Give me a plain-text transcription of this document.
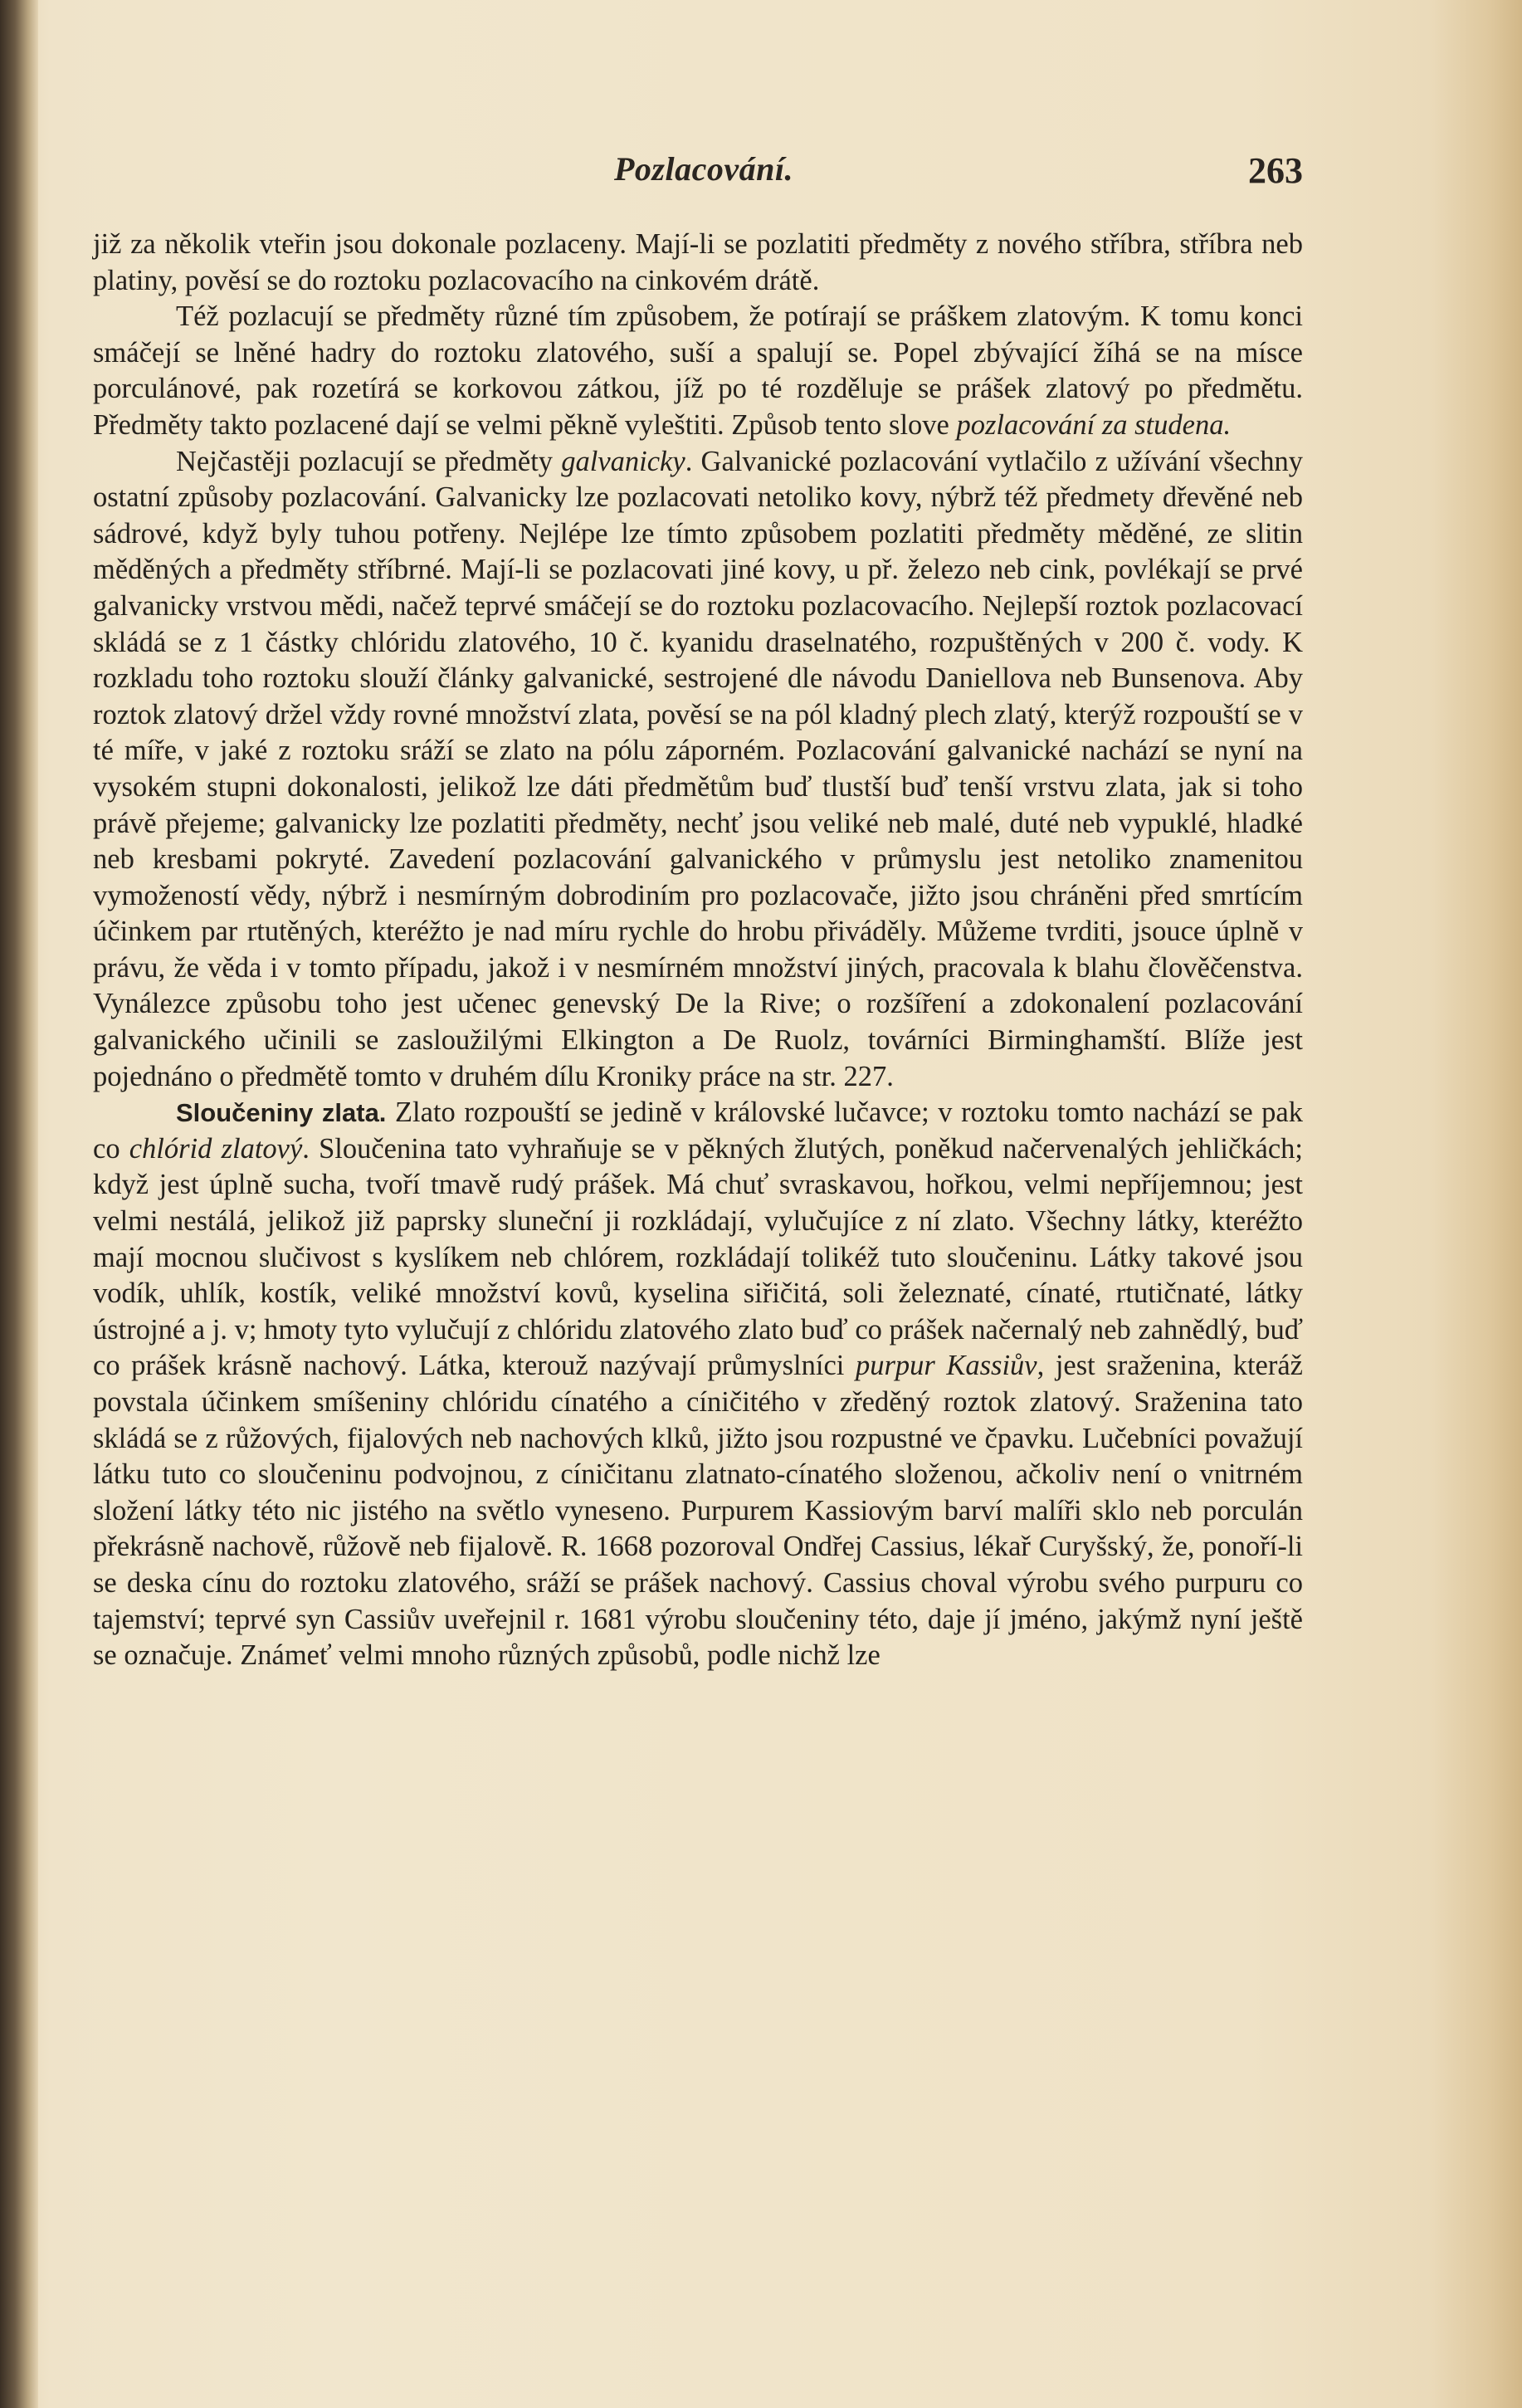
Pozlacování.	263

již za několik vteřin jsou dokonale pozlaceny. Mají-li se pozlatiti předměty z nového stříbra, stříbra neb platiny, pověsí se do roztoku pozlacovacího na cinkovém drátě.

Též pozlacují se předměty různé tím způsobem, že potírají se práškem zlatovým. K tomu konci smáčejí se lněné hadry do roztoku zlatového, suší a spalují se. Popel zbývající žíhá se na mísce porculánové, pak rozetírá se korkovou zátkou, jíž po té rozděluje se prášek zlatový po předmětu. Předměty takto pozlacené dají se velmi pěkně vyleštiti. Způsob tento slove pozlacování za studena.

Nejčastěji pozlacují se předměty galvanicky. Galvanické pozlacování vytlačilo z užívání všechny ostatní způsoby pozlacování. Galvanicky lze pozlacovati netoliko kovy, nýbrž též předmety dřevěné neb sádrové, když byly tuhou potřeny. Nejlépe lze tímto způsobem pozlatiti předměty měděné, ze slitin měděných a předměty stříbrné. Mají-li se pozlacovati jiné kovy, u př. železo neb cink, povlékají se prvé galvanicky vrstvou mědi, načež teprvé smáčejí se do roztoku pozlacovacího. Nejlepší roztok pozlacovací skládá se z 1 částky chlóridu zlatového, 10 č. kyanidu draselnatého, rozpuštěných v 200 č. vody. K rozkladu toho roztoku slouží články galvanické, sestrojené dle návodu Daniellova neb Bunsenova. Aby roztok zlatový držel vždy rovné množství zlata, pověsí se na pól kladný plech zlatý, kterýž rozpouští se v té míře, v jaké z roztoku sráží se zlato na pólu záporném. Pozlacování galvanické nachází se nyní na vysokém stupni dokonalosti, jelikož lze dáti předmětům buď tlustší buď tenší vrstvu zlata, jak si toho právě přejeme; galvanicky lze pozlatiti předměty, nechť jsou veliké neb malé, duté neb vypuklé, hladké neb kresbami pokryté. Zavedení pozlacování galvanického v průmyslu jest netoliko znamenitou vymožeností vědy, nýbrž i nesmírným dobrodiním pro pozlacovače, jižto jsou chráněni před smrtícím účinkem par rtutěných, kteréžto je nad míru rychle do hrobu přiváděly. Můžeme tvrditi, jsouce úplně v právu, že věda i v tomto případu, jakož i v nesmírném množství jiných, pracovala k blahu člověčenstva. Vynálezce způsobu toho jest učenec genevský De la Rive; o rozšíření a zdokonalení pozlacování galvanického učinili se zasloužilými Elkington a De Ruolz, továrníci Birminghamští. Blíže jest pojednáno o předmětě tomto v druhém dílu Kroniky práce na str. 227.

Sloučeniny zlata. Zlato rozpouští se jedině v královské lučavce; v roztoku tomto nachází se pak co chlórid zlatový. Sloučenina tato vyhraňuje se v pěkných žlutých, poněkud načervenalých jehličkách; když jest úplně sucha, tvoří tmavě rudý prášek. Má chuť svraskavou, hořkou, velmi nepříjemnou; jest velmi nestálá, jelikož již paprsky sluneční ji rozkládají, vylučujíce z ní zlato. Všechny látky, kteréžto mají mocnou slučivost s kyslíkem neb chlórem, rozkládají tolikéž tuto sloučeninu. Látky takové jsou vodík, uhlík, kostík, veliké množství kovů, kyselina siřičitá, soli železnaté, cínaté, rtutičnaté, látky ústrojné a j. v; hmoty tyto vylučují z chlóridu zlatového zlato buď co prášek načernalý neb zahnědlý, buď co prášek krásně nachový. Látka, kterouž nazývají průmyslníci purpur Kassiův, jest sraženina, kteráž povstala účinkem smíšeniny chlóridu cínatého a cíničitého v zředěný roztok zlatový. Sraženina tato skládá se z růžových, fijalových neb nachových klků, jižto jsou rozpustné ve čpavku. Lučebníci považují látku tuto co sloučeninu podvojnou, z cíničitanu zlatnato-cínatého složenou, ačkoliv není o vnitrném složení látky této nic jistého na světlo vyneseno. Purpurem Kassiovým barví malíři sklo neb porculán překrásně nachově, růžově neb fijalově. R. 1668 pozoroval Ondřej Cassius, lékař Curyšský, že, ponoří-li se deska cínu do roztoku zlatového, sráží se prášek nachový. Cassius choval výrobu svého purpuru co tajemství; teprvé syn Cassiův uveřejnil r. 1681 výrobu sloučeniny této, daje jí jméno, jakýmž nyní ještě se označuje. Známeť velmi mnoho různých způsobů, podle nichž lze
